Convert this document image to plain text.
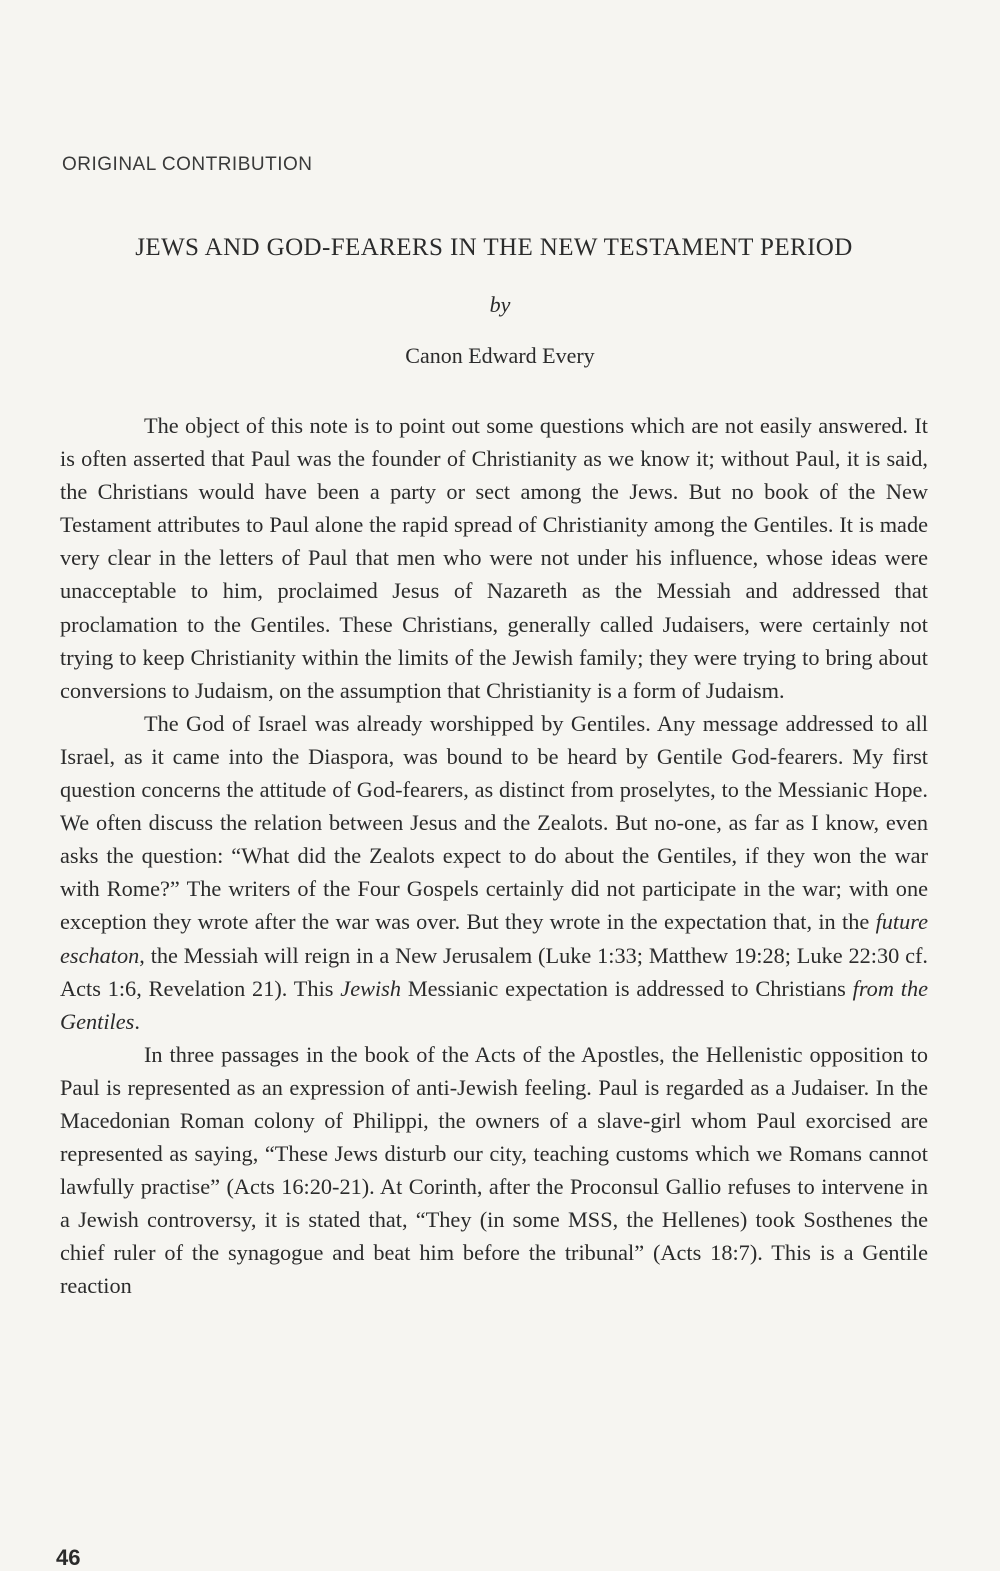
ORIGINAL CONTRIBUTION
JEWS AND GOD-FEARERS IN THE NEW TESTAMENT PERIOD
by
Canon Edward Every

The object of this note is to point out some questions which are not easily answered. It is often asserted that Paul was the founder of Christianity as we know it; without Paul, it is said, the Christians would have been a party or sect among the Jews. But no book of the New Testament attributes to Paul alone the rapid spread of Christianity among the Gentiles. It is made very clear in the letters of Paul that men who were not under his influence, whose ideas were unacceptable to him, proclaimed Jesus of Nazareth as the Messiah and addressed that proclamation to the Gentiles. These Christians, generally called Judaisers, were certainly not trying to keep Christianity within the limits of the Jewish family; they were trying to bring about conversions to Judaism, on the assumption that Christianity is a form of Judaism.

The God of Israel was already worshipped by Gentiles. Any message addressed to all Israel, as it came into the Diaspora, was bound to be heard by Gentile God-fearers. My first question concerns the attitude of God-fearers, as distinct from proselytes, to the Messianic Hope. We often discuss the relation between Jesus and the Zealots. But no-one, as far as I know, even asks the question: “What did the Zealots expect to do about the Gentiles, if they won the war with Rome?” The writers of the Four Gospels certainly did not participate in the war; with one exception they wrote after the war was over. But they wrote in the expectation that, in the future eschaton, the Messiah will reign in a New Jerusalem (Luke 1:33; Matthew 19:28; Luke 22:30 cf. Acts 1:6, Revelation 21). This Jewish Messianic expectation is addressed to Christians from the Gentiles.

In three passages in the book of the Acts of the Apostles, the Hellenistic opposition to Paul is represented as an expression of anti-Jewish feeling. Paul is regarded as a Judaiser. In the Macedonian Roman colony of Philippi, the owners of a slave-girl whom Paul exorcised are represented as saying, “These Jews disturb our city, teaching customs which we Romans cannot lawfully practise” (Acts 16:20-21). At Corinth, after the Proconsul Gallio refuses to intervene in a Jewish controversy, it is stated that, “They (in some MSS, the Hellenes) took Sosthenes the chief ruler of the synagogue and beat him before the tribunal” (Acts 18:7). This is a Gentile reaction

46
